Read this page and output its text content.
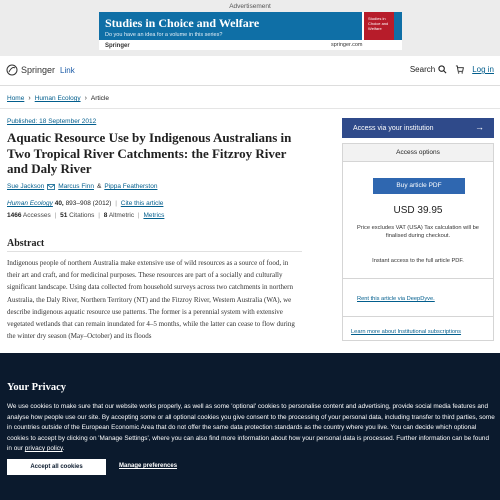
Advertisement
Studies in Choice and Welfare
Do you have an idea for a volume in this series?
Studies in Choice and Welfare
Springer	springer.com
Springer Link	Search	Log in
Home › Human Ecology › Article
Published: 18 September 2012
Aquatic Resource Use by Indigenous Australians in Two Tropical River Catchments: the Fitzroy River and Daly River
Sue Jackson Marcus Finn & Pippa Featherston
Human Ecology 40, 893–908 (2012) | Cite this article
1466 Accesses | 51 Citations | 8 Altmetric | Metrics
Abstract

Indigenous people of northern Australia make extensive use of wild resources as a source of food, in their art and craft, and for medicinal purposes. These resources are part of a socially and culturally significant landscape. Using data collected from household surveys across two catchments in northern Australia, the Daly River, Northern Territory (NT) and the Fitzroy River, Western Australia (WA), we describe indigenous aquatic resource use patterns. The former is a perennial system with extensive vegetated wetlands that can remain inundated for 4–5 months, while the latter can cease to flow during the winter dry season (May–October) and its floods

Access via your institution	→
Access options
Buy article PDF
USD 39.95
Price excludes VAT (USA) Tax calculation will be finalised during checkout.
Instant access to the full article PDF.
Rent this article via DeepDyve.
Learn more about Institutional subscriptions
Your Privacy

We use cookies to make sure that our website works properly, as well as some 'optional' cookies to personalise content and advertising, provide social media features and analyse how people use our site. By accepting some or all optional cookies you give consent to the processing of your personal data, including transfer to third parties, some in countries outside of the European Economic Area that do not offer the same data protection standards as the country where you live. You can decide which optional cookies to accept by clicking on 'Manage Settings', where you can also find more information about how your personal data is processed. Further information can be found in our privacy policy.

Accept all cookies	Manage preferences
